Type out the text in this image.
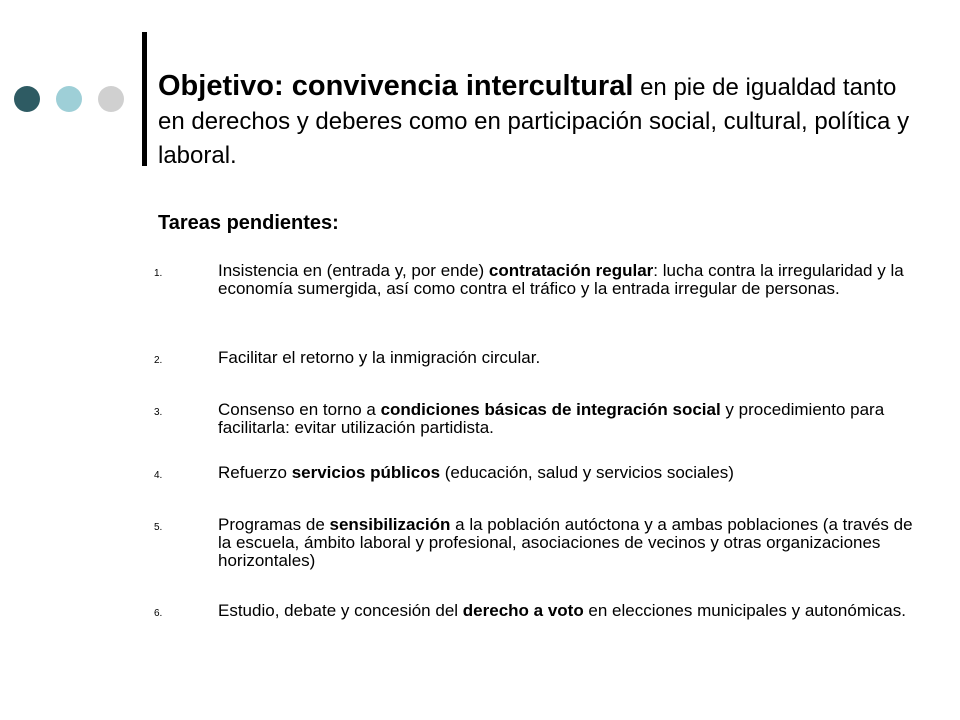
Objetivo: convivencia intercultural en pie de igualdad tanto en derechos y deberes como en participación social, cultural, política y laboral.
Tareas pendientes:
1.	Insistencia en (entrada y, por ende) contratación regular: lucha contra la irregularidad y la economía sumergida, así como contra el tráfico y la entrada irregular de personas.
2.	Facilitar el retorno y la inmigración circular.
3.	Consenso en torno a condiciones básicas de integración social y procedimiento para facilitarla: evitar utilización partidista.
4.	Refuerzo servicios públicos (educación, salud y servicios sociales)
5.	Programas de sensibilización a la población autóctona y a ambas poblaciones (a través de la escuela, ámbito laboral y profesional, asociaciones de vecinos y otras organizaciones horizontales)
6.	Estudio, debate y concesión del derecho a voto en elecciones municipales y autonómicas.
